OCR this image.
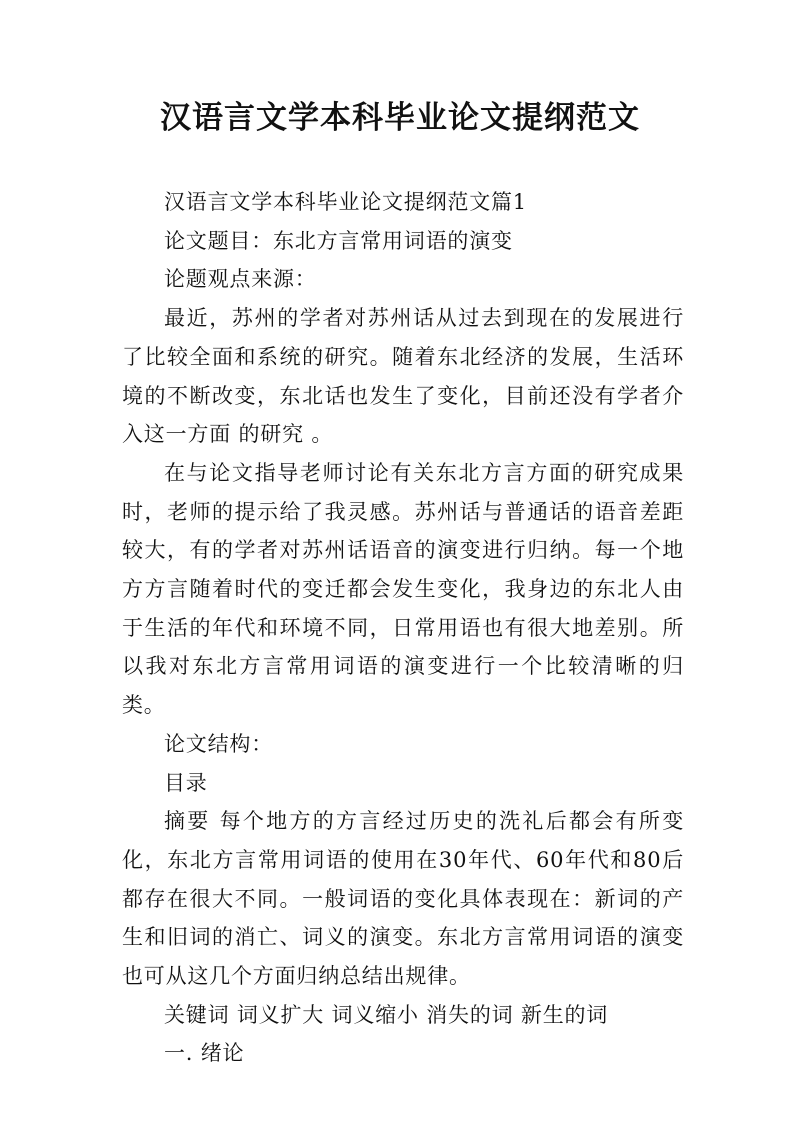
汉语言文学本科毕业论文提纲范文

汉语言文学本科毕业论文提纲范文篇1

论文题目：东北方言常用词语的演变

论题观点来源：

最近，苏州的学者对苏州话从过去到现在的发展进行了比较全面和系统的研究。随着东北经济的发展，生活环境的不断改变，东北话也发生了变化，目前还没有学者介入这一方面 的研究 。

在与论文指导老师讨论有关东北方言方面的研究成果时，老师的提示给了我灵感。苏州话与普通话的语音差距较大，有的学者对苏州话语音的演变进行归纳。每一个地方方言随着时代的变迁都会发生变化，我身边的东北人由于生活的年代和环境不同，日常用语也有很大地差别。所以我对东北方言常用词语的演变进行一个比较清晰的归类。

论文结构：

目录

摘要 每个地方的方言经过历史的洗礼后都会有所变化，东北方言常用词语的使用在30年代、60年代和80后都存在很大不同。一般词语的变化具体表现在：新词的产生和旧词的消亡、词义的演变。东北方言常用词语的演变也可从这几个方面归纳总结出规律。

关键词 词义扩大 词义缩小 消失的词 新生的词

一. 绪论
